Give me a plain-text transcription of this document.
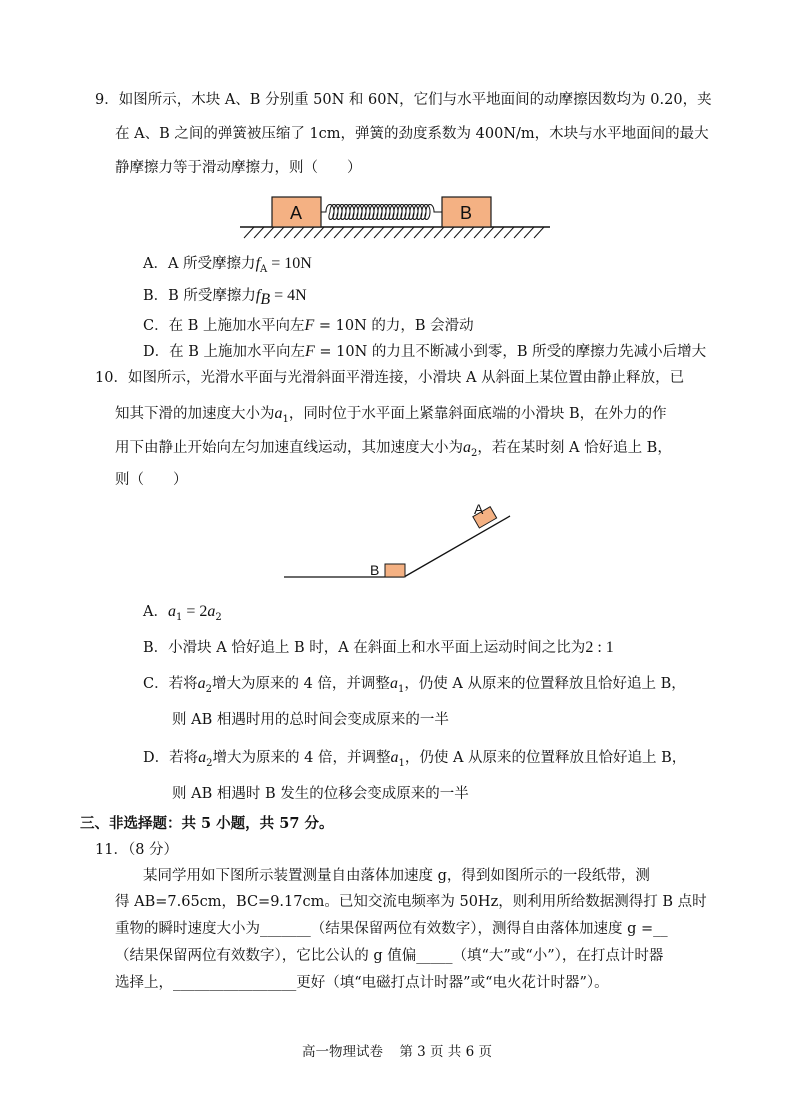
9．如图所示，木块 A、B 分别重 50N 和 60N，它们与水平地面间的动摩擦因数均为 0.20，夹
在 A、B 之间的弹簧被压缩了 1cm，弹簧的劲度系数为 400N/m，木块与水平地面间的最大
静摩擦力等于滑动摩擦力，则（　　）
A	B
B
A
A．A 所受摩擦力$f_A = 10N$
B．B 所受摩擦力$f_B = 4N$
C．在 B 上施加水平向左F = 10N 的力，B 会滑动
D．在 B 上施加水平向左F = 10N 的力且不断减小到零，B 所受的摩擦力先减小后增大
10．如图所示，光滑水平面与光滑斜面平滑连接，小滑块 A 从斜面上某位置由静止释放，已
知其下滑的加速度大小为$a_1$，同时位于水平面上紧靠斜面底端的小滑块 B，在外力的作
用下由静止开始向左匀加速直线运动，其加速度大小为$a_2$，若在某时刻 A 恰好追上 B，
则（　　）
A．$a_1 = 2a_2$
B．小滑块 A 恰好追上 B 时，A 在斜面上和水平面上运动时间之比为2 : 1
C．若将$a_2$增大为原来的 4 倍，并调整$a_1$，仍使 A 从原来的位置释放且恰好追上 B，
则 AB 相遇时用的总时间会变成原来的一半
D．若将$a_2$增大为原来的 4 倍，并调整$a_1$，仍使 A 从原来的位置释放且恰好追上 B，
则 AB 相遇时 B 发生的位移会变成原来的一半
三、非选择题：共 5 小题，共 57 分。
11．（8 分）
某同学用如下图所示装置测量自由落体加速度 g，得到如图所示的一段纸带，测
得 AB=7.65cm，BC=9.17cm。已知交流电频率为 50Hz，则利用所给数据测得打 B 点时
重物的瞬时速度大小为_______（结果保留两位有效数字），测得自由落体加速度 g =__
（结果保留两位有效数字），它比公认的 g 值偏_____（填“大”或“小”），在打点计时器
选择上，_________________更好（填“电磁打点计时器”或“电火花计时器”）。
高一物理试卷 第 3 页 共 6 页
